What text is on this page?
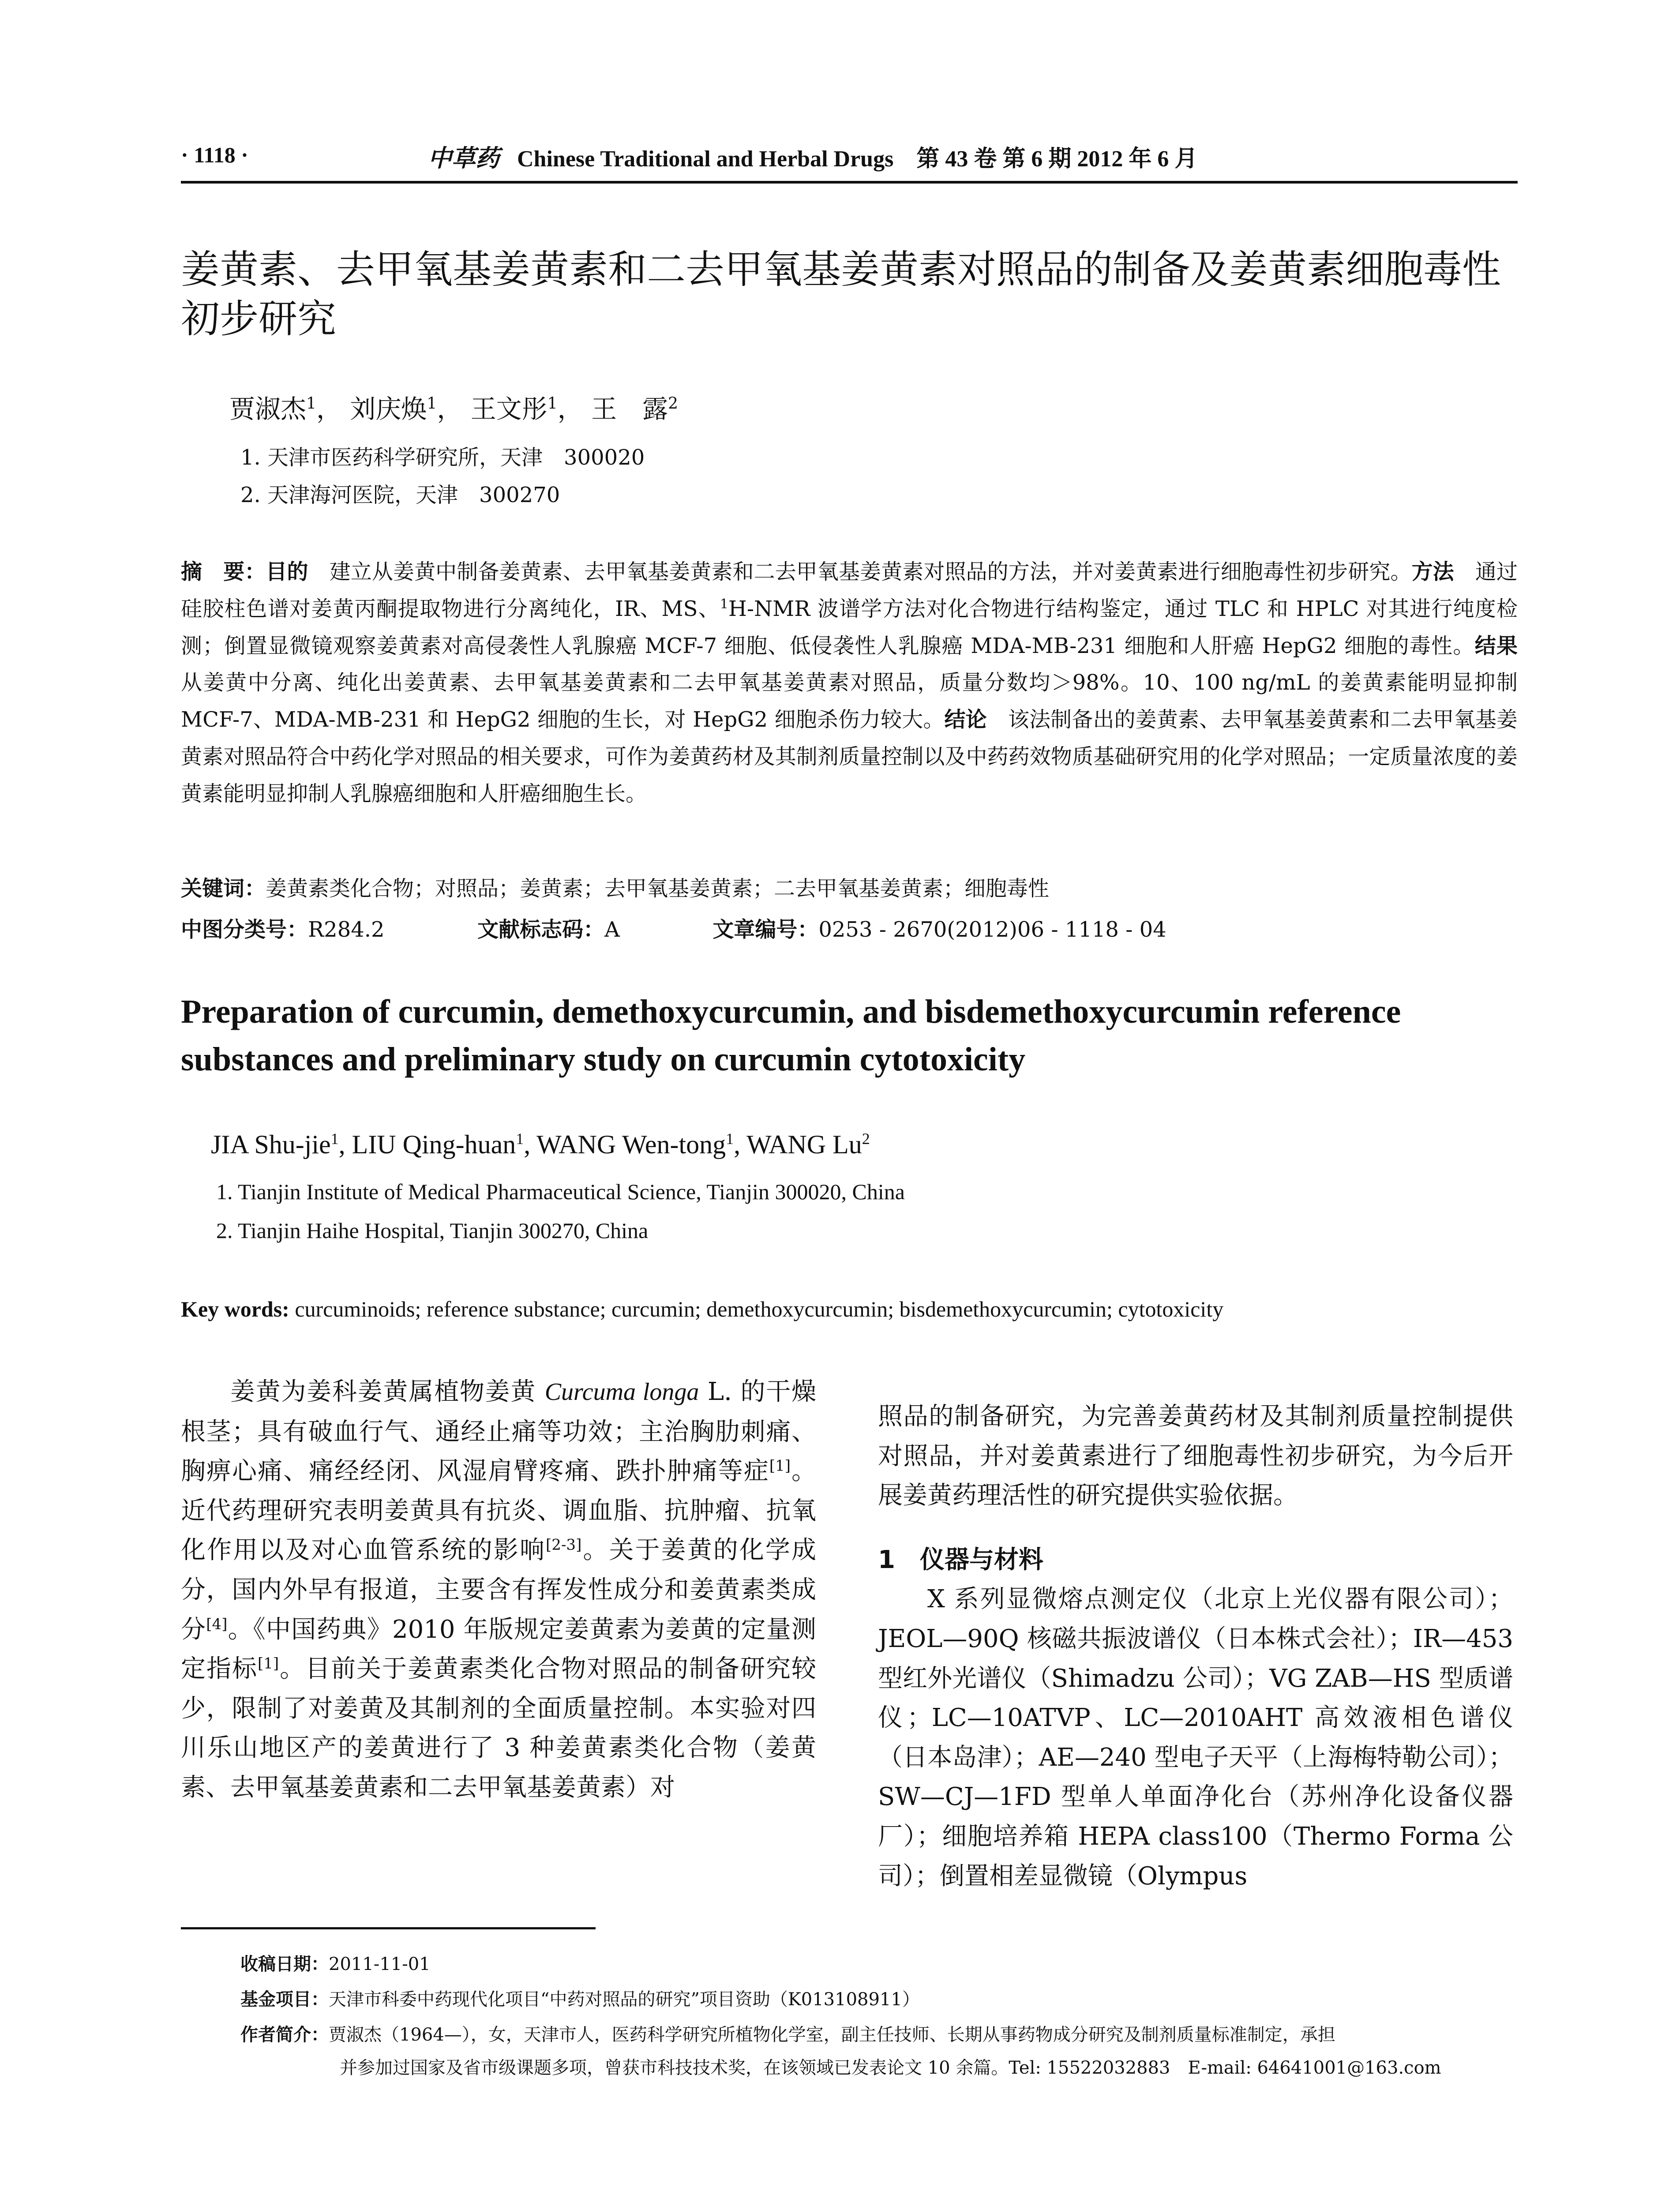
· 1118 ·	中草药 Chinese Traditional and Herbal Drugs　 第 43 卷 第 6 期 2012 年 6 月
姜黄素、去甲氧基姜黄素和二去甲氧基姜黄素对照品的制备及姜黄素细胞毒性初步研究
贾淑杰$^1$， 刘庆焕$^1$， 王文彤$^1$， 王　露$^2$
1. 天津市医药科学研究所，天津　300020
2. 天津海河医院，天津　300270

摘　要：目的　 建立从姜黄中制备姜黄素、去甲氧基姜黄素和二去甲氧基姜黄素对照品的方法，并对姜黄素进行细胞毒性初步研究。方法　 通过硅胶柱色谱对姜黄丙酮提取物进行分离纯化，IR、MS、$^1$H-NMR 波谱学方法对化合物进行结构鉴定，通过 TLC 和 HPLC 对其进行纯度检测；倒置显微镜观察姜黄素对高侵袭性人乳腺癌 MCF-7 细胞、低侵袭性人乳腺癌 MDA-MB-231 细胞和人肝癌 HepG2 细胞的毒性。结果　从姜黄中分离、纯化出姜黄素、去甲氧基姜黄素和二去甲氧基姜黄素对照品，质量分数均＞98%。10、100 ng/mL 的姜黄素能明显抑制 MCF-7、MDA-MB-231 和 HepG2 细胞的生长，对 HepG2 细胞杀伤力较大。结论　 该法制备出的姜黄素、去甲氧基姜黄素和二去甲氧基姜黄素对照品符合中药化学对照品的相关要求，可作为姜黄药材及其制剂质量控制以及中药药效物质基础研究用的化学对照品；一定质量浓度的姜黄素能明显抑制人乳腺癌细胞和人肝癌细胞生长。

关键词：姜黄素类化合物；对照品；姜黄素；去甲氧基姜黄素；二去甲氧基姜黄素；细胞毒性
中图分类号：R284.2	文献标志码：A	文章编号：0253 - 2670(2012)06 - 1118 - 04
Preparation of curcumin, demethoxycurcumin, and bisdemethoxycurcumin reference substances and preliminary study on curcumin cytotoxicity
JIA Shu-jie$^1$, LIU Qing-huan$^1$, WANG Wen-tong$^1$, WANG Lu$^2$
1. Tianjin Institute of Medical Pharmaceutical Science, Tianjin 300020, China
2. Tianjin Haihe Hospital, Tianjin 300270, China
Key words: curcuminoids; reference substance; curcumin; demethoxycurcumin; bisdemethoxycurcumin; cytotoxicity

姜黄为姜科姜黄属植物姜黄 Curcuma longa L. 的干燥根茎；具有破血行气、通经止痛等功效；主治胸肋刺痛、胸痹心痛、痛经经闭、风湿肩臂疼痛、跌扑肿痛等症[1]。近代药理研究表明姜黄具有抗炎、调血脂、抗肿瘤、抗氧化作用以及对心血管系统的影响[2-3]。关于姜黄的化学成分，国内外早有报道，主要含有挥发性成分和姜黄素类成分[4]。《中国药典》2010 年版规定姜黄素为姜黄的定量测定指标[1]。目前关于姜黄素类化合物对照品的制备研究较少，限制了对姜黄及其制剂的全面质量控制。本实验对四川乐山地区产的姜黄进行了 3 种姜黄素类化合物（姜黄素、去甲氧基姜黄素和二去甲氧基姜黄素）对

照品的制备研究，为完善姜黄药材及其制剂质量控制提供对照品，并对姜黄素进行了细胞毒性初步研究，为今后开展姜黄药理活性的研究提供实验依据。

1　仪器与材料

X 系列显微熔点测定仪（北京上光仪器有限公司）；JEOL—90Q 核磁共振波谱仪（日本株式会社）；IR—453 型红外光谱仪（Shimadzu 公司）；VG ZAB—HS 型质谱仪；LC—10ATVP、LC—2010AHT 高效液相色谱仪（日本岛津）；AE—240 型电子天平（上海梅特勒公司）；SW—CJ—1FD 型单人单面净化台（苏州净化设备仪器厂）；细胞培养箱 HEPA class100（Thermo Forma 公司）；倒置相差显微镜（Olympus

收稿日期：2011-11-01
基金项目：天津市科委中药现代化项目“中药对照品的研究”项目资助（K013108911）
作者简介：贾淑杰（1964—），女，天津市人，医药科学研究所植物化学室，副主任技师、长期从事药物成分研究及制剂质量标准制定，承担
并参加过国家及省市级课题多项，曾获市科技技术奖，在该领域已发表论文 10 余篇。Tel: 15522032883　E-mail: 64641001@163.com
